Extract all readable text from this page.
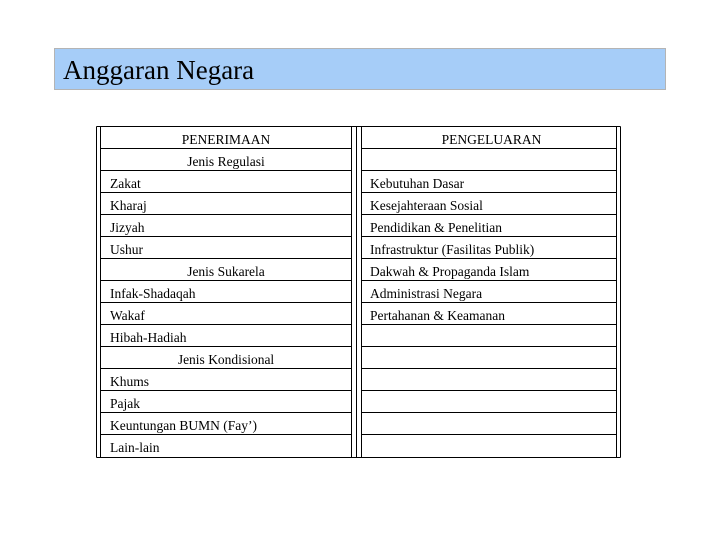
Anggaran Negara
PENERIMAAN
Jenis Regulasi
Zakat
Kharaj
Jizyah
Ushur
Jenis Sukarela
Infak-Shadaqah
Wakaf
Hibah-Hadiah
Jenis Kondisional
Khums
Pajak
Keuntungan BUMN (Fay’)
Lain-lain
PENGELUARAN
Kebutuhan Dasar
Kesejahteraan Sosial
Pendidikan & Penelitian
Infrastruktur (Fasilitas Publik)
Dakwah & Propaganda Islam
Administrasi Negara
Pertahanan & Keamanan
